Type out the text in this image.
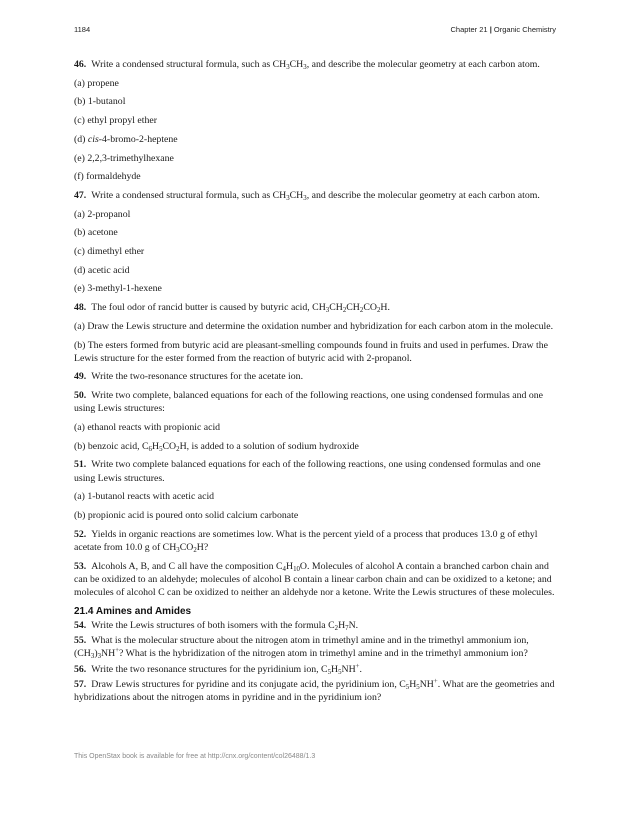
1184	Chapter 21 | Organic Chemistry

46. Write a condensed structural formula, such as $CH_3CH_3$, and describe the molecular geometry at each carbon atom.

(a) propene

(b) 1-butanol

(c) ethyl propyl ether

(d) cis-4-bromo-2-heptene

(e) 2,2,3-trimethylhexane

(f) formaldehyde

47. Write a condensed structural formula, such as $CH_3CH_3$, and describe the molecular geometry at each carbon atom.

(a) 2-propanol

(b) acetone

(c) dimethyl ether

(d) acetic acid

(e) 3-methyl-1-hexene

48. The foul odor of rancid butter is caused by butyric acid, $CH_3CH_2CH_2CO_2H$.

(a) Draw the Lewis structure and determine the oxidation number and hybridization for each carbon atom in the molecule.

(b) The esters formed from butyric acid are pleasant-smelling compounds found in fruits and used in perfumes. Draw the Lewis structure for the ester formed from the reaction of butyric acid with 2-propanol.

49. Write the two-resonance structures for the acetate ion.

50. Write two complete, balanced equations for each of the following reactions, one using condensed formulas and one using Lewis structures:

(a) ethanol reacts with propionic acid

(b) benzoic acid, $C_6H_5CO_2H$, is added to a solution of sodium hydroxide

51. Write two complete balanced equations for each of the following reactions, one using condensed formulas and one using Lewis structures.

(a) 1-butanol reacts with acetic acid

(b) propionic acid is poured onto solid calcium carbonate

52. Yields in organic reactions are sometimes low. What is the percent yield of a process that produces 13.0 g of ethyl acetate from 10.0 g of $CH_3CO_2H$?

53. Alcohols A, B, and C all have the composition $C_4H_{10}O$. Molecules of alcohol A contain a branched carbon chain and can be oxidized to an aldehyde; molecules of alcohol B contain a linear carbon chain and can be oxidized to a ketone; and molecules of alcohol C can be oxidized to neither an aldehyde nor a ketone. Write the Lewis structures of these molecules.

21.4 Amines and Amides

54. Write the Lewis structures of both isomers with the formula $C_2H_7N$.

55. What is the molecular structure about the nitrogen atom in trimethyl amine and in the trimethyl ammonium ion, $(CH_3)_3NH^+$? What is the hybridization of the nitrogen atom in trimethyl amine and in the trimethyl ammonium ion?

56. Write the two resonance structures for the pyridinium ion, $C_5H_5NH^+$.

57. Draw Lewis structures for pyridine and its conjugate acid, the pyridinium ion, $C_5H_5NH^+$. What are the geometries and hybridizations about the nitrogen atoms in pyridine and in the pyridinium ion?

This OpenStax book is available for free at http://cnx.org/content/col26488/1.3
